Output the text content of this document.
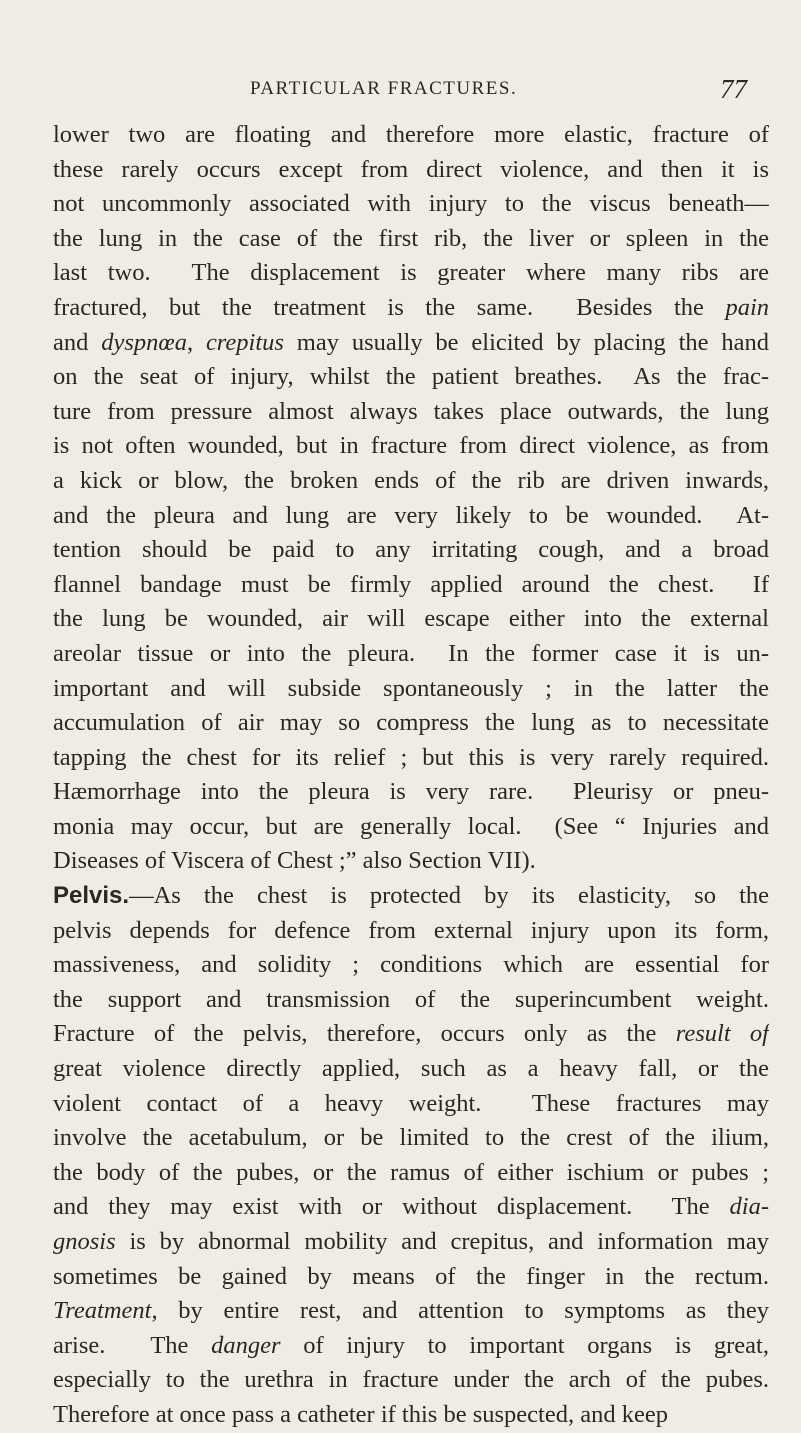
PARTICULAR FRACTURES.	77
lower two are floating and therefore more elastic, fracture of
these rarely occurs except from direct violence, and then it is
not uncommonly associated with injury to the viscus beneath—
the lung in the case of the first rib, the liver or spleen in the
last two.  The displacement is greater where many ribs are
fractured, but the treatment is the same.  Besides the pain
and dyspnœa, crepitus may usually be elicited by placing the hand
on the seat of injury, whilst the patient breathes.  As the frac-
ture from pressure almost always takes place outwards, the lung
is not often wounded, but in fracture from direct violence, as from
a kick or blow, the broken ends of the rib are driven inwards,
and the pleura and lung are very likely to be wounded.  At-
tention should be paid to any irritating cough, and a broad
flannel bandage must be firmly applied around the chest.  If
the lung be wounded, air will escape either into the external
areolar tissue or into the pleura.  In the former case it is un-
important and will subside spontaneously ; in the latter the
accumulation of air may so compress the lung as to necessitate
tapping the chest for its relief ; but this is very rarely required.
Hæmorrhage into the pleura is very rare.  Pleurisy or pneu-
monia may occur, but are generally local.  (See “ Injuries and
Diseases of Viscera of Chest ;” also Section VII).
Pelvis.—As the chest is protected by its elasticity, so the
pelvis depends for defence from external injury upon its form,
massiveness, and solidity ; conditions which are essential for
the support and transmission of the superincumbent weight.
Fracture of the pelvis, therefore, occurs only as the result of
great violence directly applied, such as a heavy fall, or the
violent contact of a heavy weight.  These fractures may
involve the acetabulum, or be limited to the crest of the ilium,
the body of the pubes, or the ramus of either ischium or pubes ;
and they may exist with or without displacement.  The dia-
gnosis is by abnormal mobility and crepitus, and information may
sometimes be gained by means of the finger in the rectum.
Treatment, by entire rest, and attention to symptoms as they
arise.  The danger of injury to important organs is great,
especially to the urethra in fracture under the arch of the pubes.
Therefore at once pass a catheter if this be suspected, and keep
